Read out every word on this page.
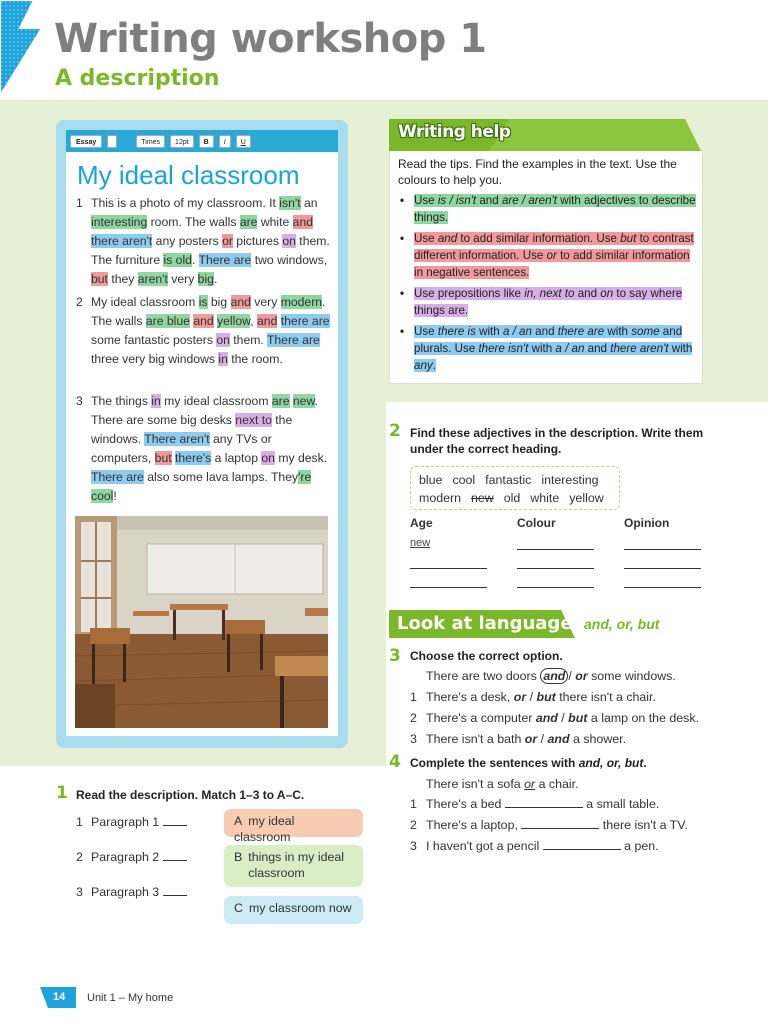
Writing workshop 1
A description
Essay	Times	12pt	B	I	U
My ideal classroom
1 This is a photo of my classroom. It isn't an interesting room. The walls are white and there aren't any posters or pictures on them. The furniture is old. There are two windows, but they aren't very big.
2 My ideal classroom is big and very modern. The walls are blue and yellow, and there are some fantastic posters on them. There are three very big windows in the room.
3 The things in my ideal classroom are new. There are some big desks next to the windows. There aren't any TVs or computers, but there's a laptop on my desk. There are also some lava lamps. They're cool!
Writing help
Read the tips. Find the examples in the text. Use the colours to help you.
• Use is / isn't and are / aren't with adjectives to describe things.
• Use and to add similar information. Use but to contrast different information. Use or to add similar information in negative sentences.
• Use prepositions like in, next to and on to say where things are.
• Use there is with a / an and there are with some and plurals. Use there isn't with a / an and there aren't with any.
2 Find these adjectives in the description. Write them under the correct heading.
blue cool fantastic interesting
modern new old white yellow
Age	Colour	Opinion
new
Look at language and, or, but
3 Choose the correct option.
There are two doors and / or some windows.
1 There's a desk, or / but there isn't a chair.
2 There's a computer and / but a lamp on the desk.
3 There isn't a bath or / and a shower.
4 Complete the sentences with and, or, but.
There isn't a sofa or a chair.
1 There's a bed	a small table.
2 There's a laptop,	there isn't a TV.
3 I haven't got a pencil	a pen.
1 Read the description. Match 1–3 to A–C.
1 Paragraph 1
2 Paragraph 2
3 Paragraph 3
A my ideal classroom
B things in my ideal classroom
C my classroom now
14 Unit 1 – My home
